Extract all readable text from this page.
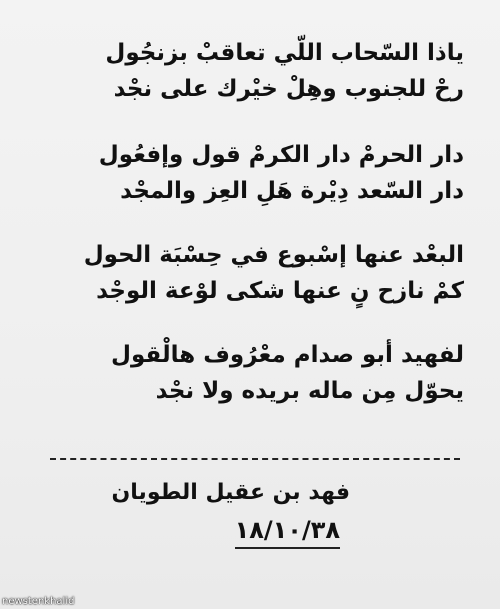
ياذا السّحاب اللّي تعاقبْ بزنجُول

رحْ للجنوب وهِلْ خيْرك على نجْد

دار الحرمْ دار الكرمْ قول وإفعُول

دار السّعد دِيْرة هَلِ العِز والمجْد

البعْد عنها إسْبوع في حِسْبَة الحول

كمْ نازح نٍ عنها شكى لوْعة الوجْد

لفهيد أبو صدام معْرُوف هالْقول

يحوّل مِن ماله بريده ولا نجْد

فهد بن عقيل الطويان
١٨/١٠/٣٨
newstenkhalid
